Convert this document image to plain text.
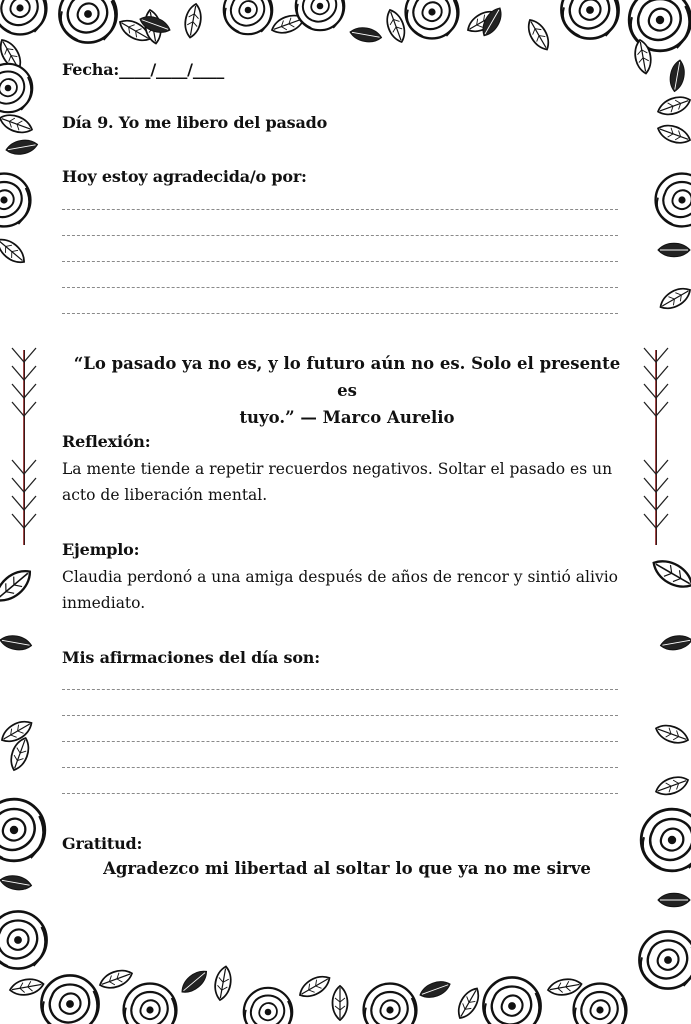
Fecha:____/____/____
Día 9. Yo me libero del pasado
Hoy estoy agradecida/o por:
“Lo pasado ya no es, y lo futuro aún no es. Solo el presente es
tuyo.” — Marco Aurelio
Reflexión:
La mente tiende a repetir recuerdos negativos. Soltar el pasado es un acto de liberación mental.
Ejemplo:
Claudia perdonó a una amiga después de años de rencor y sintió alivio inmediato.
Mis afirmaciones del día son:
Gratitud:
Agradezco mi libertad al soltar lo que ya no me sirve
